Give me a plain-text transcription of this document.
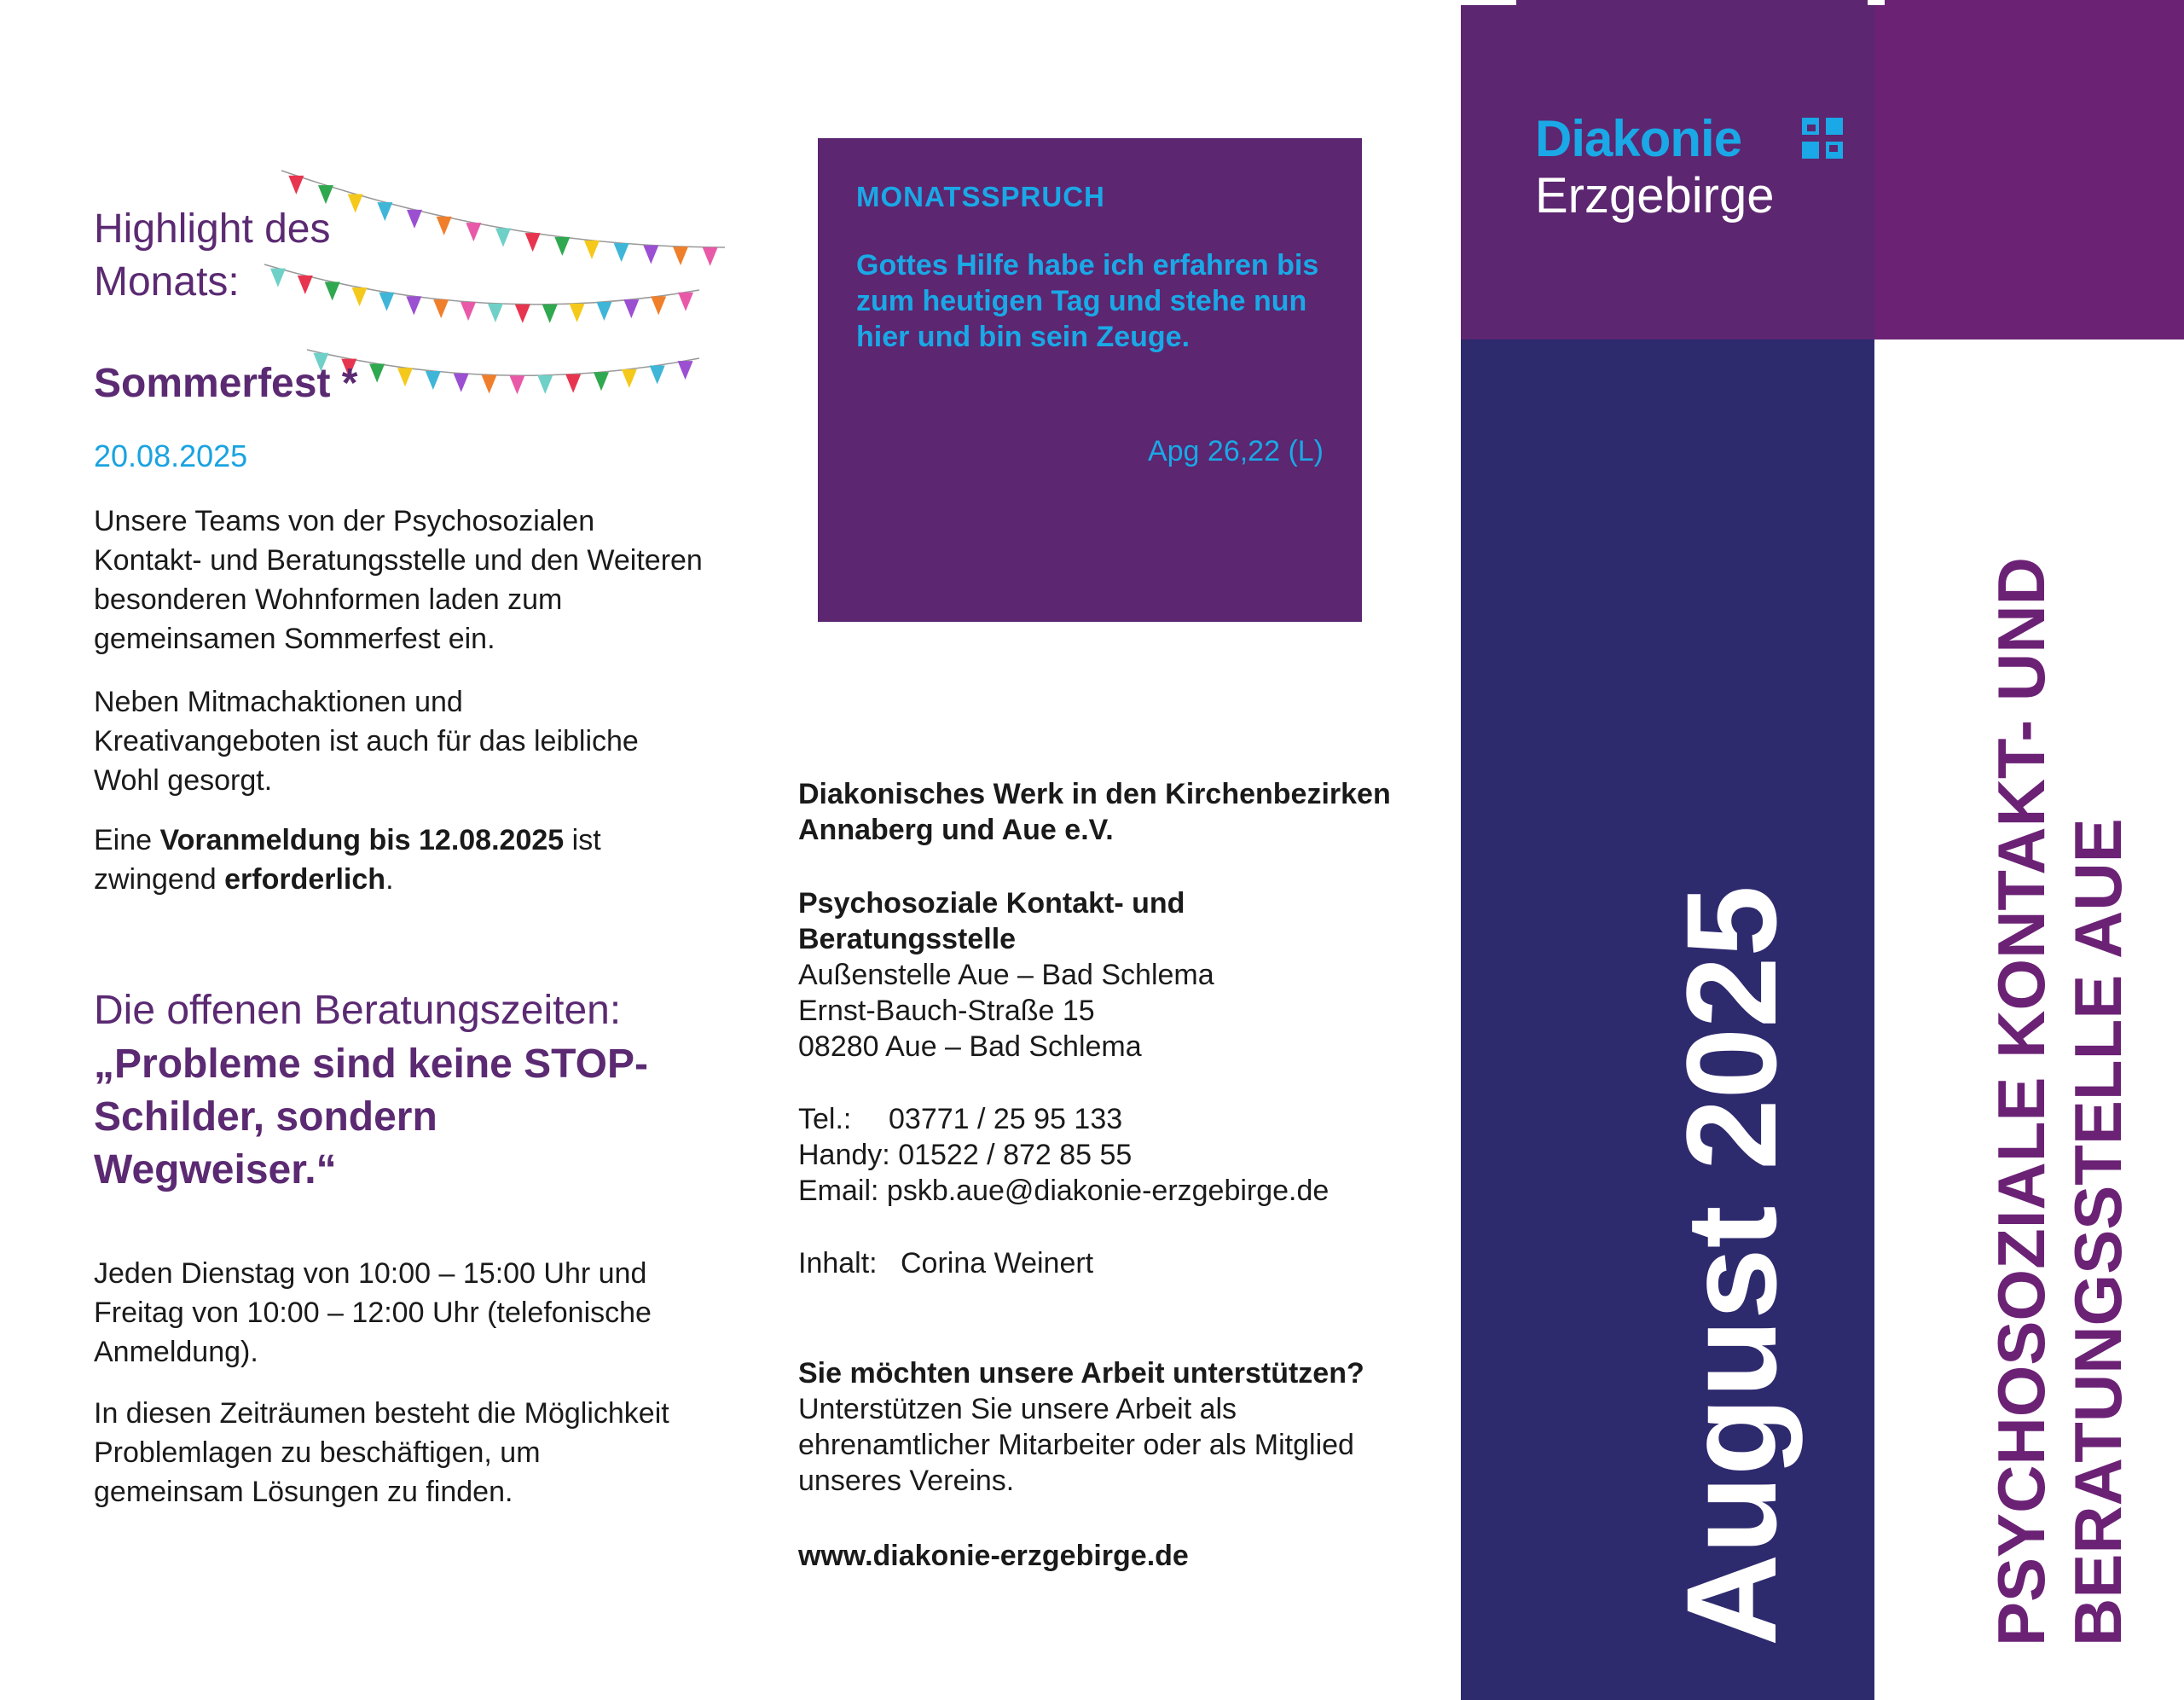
Highlight des
Monats:
Sommerfest *
20.08.2025

Unsere Teams von der Psychosozialen Kontakt- und Beratungsstelle und den Weiteren besonderen Wohnformen laden zum gemeinsamen Sommerfest ein.

Neben Mitmachaktionen und Kreativangeboten ist auch für das leibliche Wohl gesorgt.

Eine Voranmeldung bis 12.08.2025 ist zwingend erforderlich.

Die offenen Beratungszeiten:
„Probleme sind keine STOP-
Schilder, sondern
Wegweiser.“

Jeden Dienstag von 10:00 – 15:00 Uhr und Freitag von 10:00 – 12:00 Uhr (telefonische Anmeldung).

In diesen Zeiträumen besteht die Möglichkeit Problemlagen zu beschäftigen, um gemeinsam Lösungen zu finden.

MONATSSPRUCH
Gottes Hilfe habe ich erfahren bis zum heutigen Tag und stehe nun hier und bin sein Zeuge.
Apg 26,22 (L)
Diakonisches Werk in den Kirchenbezirken
Annaberg und Aue e.V.
Psychosoziale Kontakt- und
Beratungsstelle
Außenstelle Aue – Bad Schlema
Ernst-Bauch-Straße 15
08280 Aue – Bad Schlema
Tel.: 03771 / 25 95 133
Handy: 01522 / 872 85 55
Email: pskb.aue@diakonie-erzgebirge.de
Inhalt: Corina Weinert
Sie möchten unsere Arbeit unterstützen?

Unterstützen Sie unsere Arbeit als ehrenamtlicher Mitarbeiter oder als Mitglied unseres Vereins.

www.diakonie-erzgebirge.de
Diakonie
Erzgebirge
August 2025	PSYCHOSOZIALE KONTAKT- UND BERATUNGSSTELLE AUE
